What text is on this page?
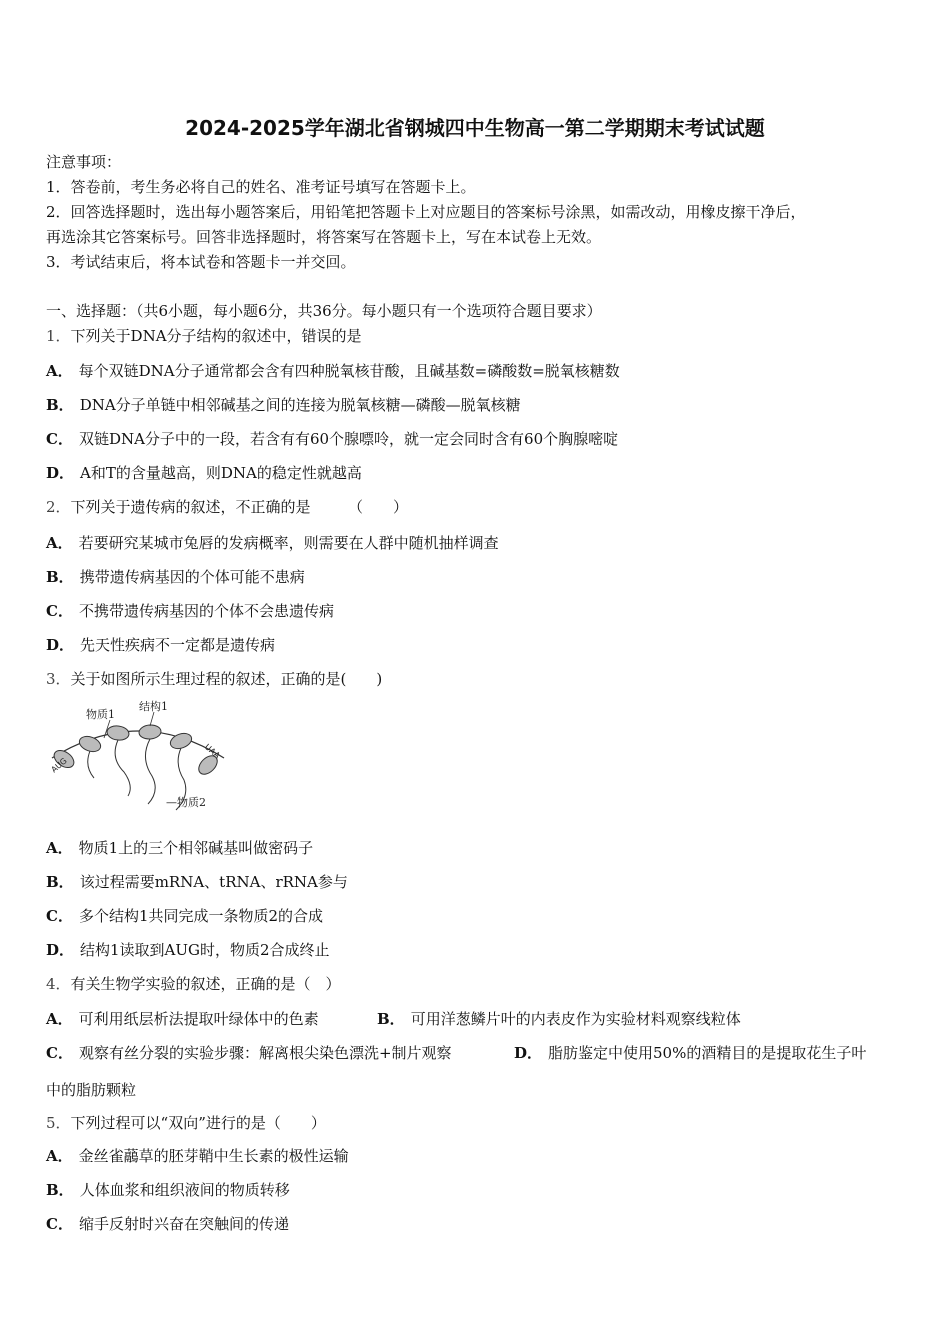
2024-2025学年湖北省钢城四中生物高一第二学期期末考试试题
注意事项：
1．答卷前，考生务必将自己的姓名、准考证号填写在答题卡上。
2．回答选择题时，选出每小题答案后，用铅笔把答题卡上对应题目的答案标号涂黑，如需改动，用橡皮擦干净后，
再选涂其它答案标号。回答非选择题时，将答案写在答题卡上，写在本试卷上无效。
3．考试结束后，将本试卷和答题卡一并交回。
一、选择题：（共6小题，每小题6分，共36分。每小题只有一个选项符合题目要求）
1．下列关于DNA分子结构的叙述中，错误的是
A． 每个双链DNA分子通常都会含有四种脱氧核苷酸，且碱基数=磷酸数=脱氧核糖数
B． DNA分子单链中相邻碱基之间的连接为脱氧核糖—磷酸—脱氧核糖
C． 双链DNA分子中的一段，若含有有60个腺嘌呤，就一定会同时含有60个胸腺嘧啶
D． A和T的含量越高，则DNA的稳定性就越高
2．下列关于遗传病的叙述，不正确的是　　　（　　）
A． 若要研究某城市兔唇的发病概率，则需要在人群中随机抽样调查
B． 携带遗传病基因的个体可能不患病
C． 不携带遗传病基因的个体不会患遗传病
D． 先天性疾病不一定都是遗传病
3．关于如图所示生理过程的叙述，正确的是(　　)
物质1
结构1
—物质2
AUG
UAA
A． 物质1上的三个相邻碱基叫做密码子
B． 该过程需要mRNA、tRNA、rRNA参与
C． 多个结构1共同完成一条物质2的合成
D． 结构1读取到AUG时，物质2合成终止
4．有关生物学实验的叙述，正确的是（　）
A． 可利用纸层析法提取叶绿体中的色素	B． 可用洋葱鳞片叶的内表皮作为实验材料观察线粒体
C． 观察有丝分裂的实验步骤：解离根尖染色漂洗+制片观察	D． 脂肪鉴定中使用50%的酒精目的是提取花生子叶
中的脂肪颗粒
5．下列过程可以“双向”进行的是（　　）
A． 金丝雀虉草的胚芽鞘中生长素的极性运输
B． 人体血浆和组织液间的物质转移
C． 缩手反射时兴奋在突触间的传递
